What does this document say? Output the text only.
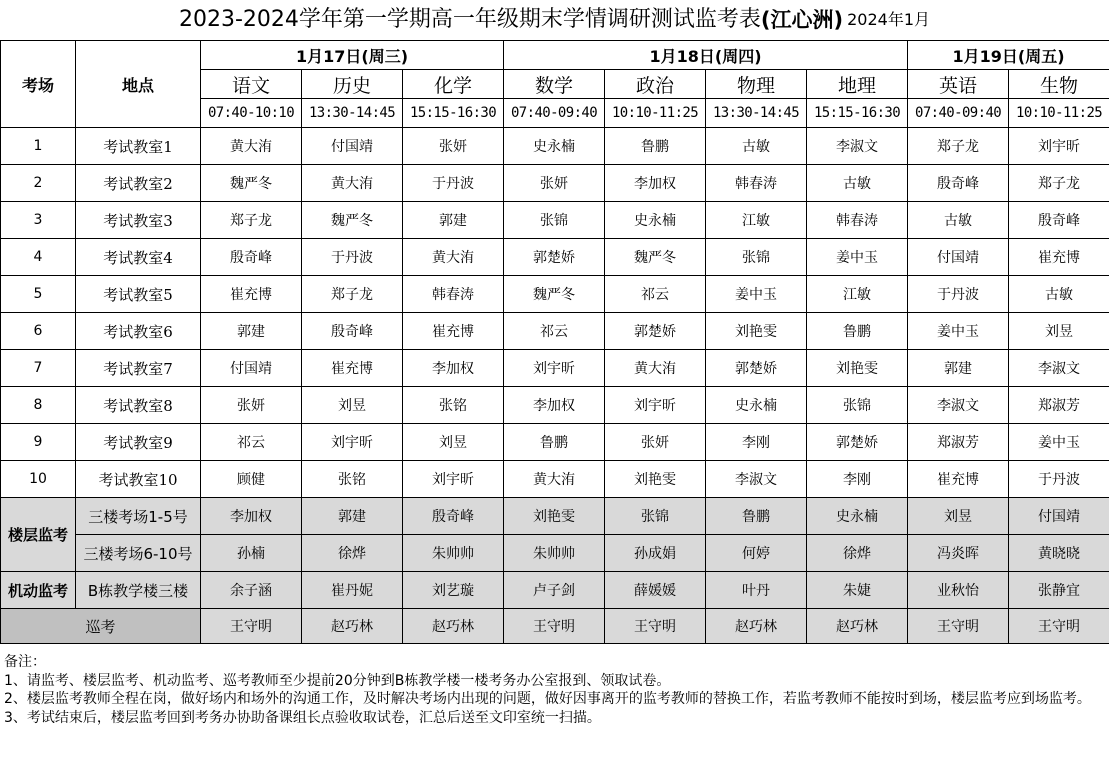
2023-2024学年第一学期高一年级期末学情调研测试监考表(江心洲) 2024年1月
考场	地点	1月17日(周三)			1月18日(周四)				1月19日(周五)	
		语文	历史	化学	数学	政治	物理	地理	英语	生物
		07:40-10:10	13:30-14:45	15:15-16:30	07:40-09:40	10:10-11:25	13:30-14:45	15:15-16:30	07:40-09:40	10:10-11:25
1	考试教室1	黄大洧	付国靖	张妍	史永楠	鲁鹏	古敏	李淑文	郑子龙	刘宇昕
2	考试教室2	魏严冬	黄大洧	于丹波	张妍	李加权	韩春涛	古敏	殷奇峰	郑子龙
3	考试教室3	郑子龙	魏严冬	郭建	张锦	史永楠	江敏	韩春涛	古敏	殷奇峰
4	考试教室4	殷奇峰	于丹波	黄大洧	郭楚娇	魏严冬	张锦	姜中玉	付国靖	崔充博
5	考试教室5	崔充博	郑子龙	韩春涛	魏严冬	祁云	姜中玉	江敏	于丹波	古敏
6	考试教室6	郭建	殷奇峰	崔充博	祁云	郭楚娇	刘艳雯	鲁鹏	姜中玉	刘昱
7	考试教室7	付国靖	崔充博	李加权	刘宇昕	黄大洧	郭楚娇	刘艳雯	郭建	李淑文
8	考试教室8	张妍	刘昱	张铭	李加权	刘宇昕	史永楠	张锦	李淑文	郑淑芳
9	考试教室9	祁云	刘宇昕	刘昱	鲁鹏	张妍	李刚	郭楚娇	郑淑芳	姜中玉
10	考试教室10	顾健	张铭	刘宇昕	黄大洧	刘艳雯	李淑文	李刚	崔充博	于丹波
楼层监考	三楼考场1-5号	李加权	郭建	殷奇峰	刘艳雯	张锦	鲁鹏	史永楠	刘昱	付国靖
	三楼考场6-10号	孙楠	徐烨	朱帅帅	朱帅帅	孙成娟	何婷	徐烨	冯炎晖	黄晓晓
机动监考	B栋教学楼三楼	余子涵	崔丹妮	刘艺璇	卢子剑	薛媛媛	叶丹	朱婕	业秋怡	张静宜
巡考		王守明	赵巧林	赵巧林	王守明	王守明	赵巧林	赵巧林	王守明	王守明
备注：
1、请监考、楼层监考、机动监考、巡考教师至少提前20分钟到B栋教学楼一楼考务办公室报到、领取试卷。
2、楼层监考教师全程在岗，做好场内和场外的沟通工作，及时解决考场内出现的问题，做好因事离开的监考教师的替换工作，若监考教师不能按时到场，楼层监考应到场监考。
3、考试结束后，楼层监考回到考务办协助备课组长点验收取试卷，汇总后送至文印室统一扫描。
